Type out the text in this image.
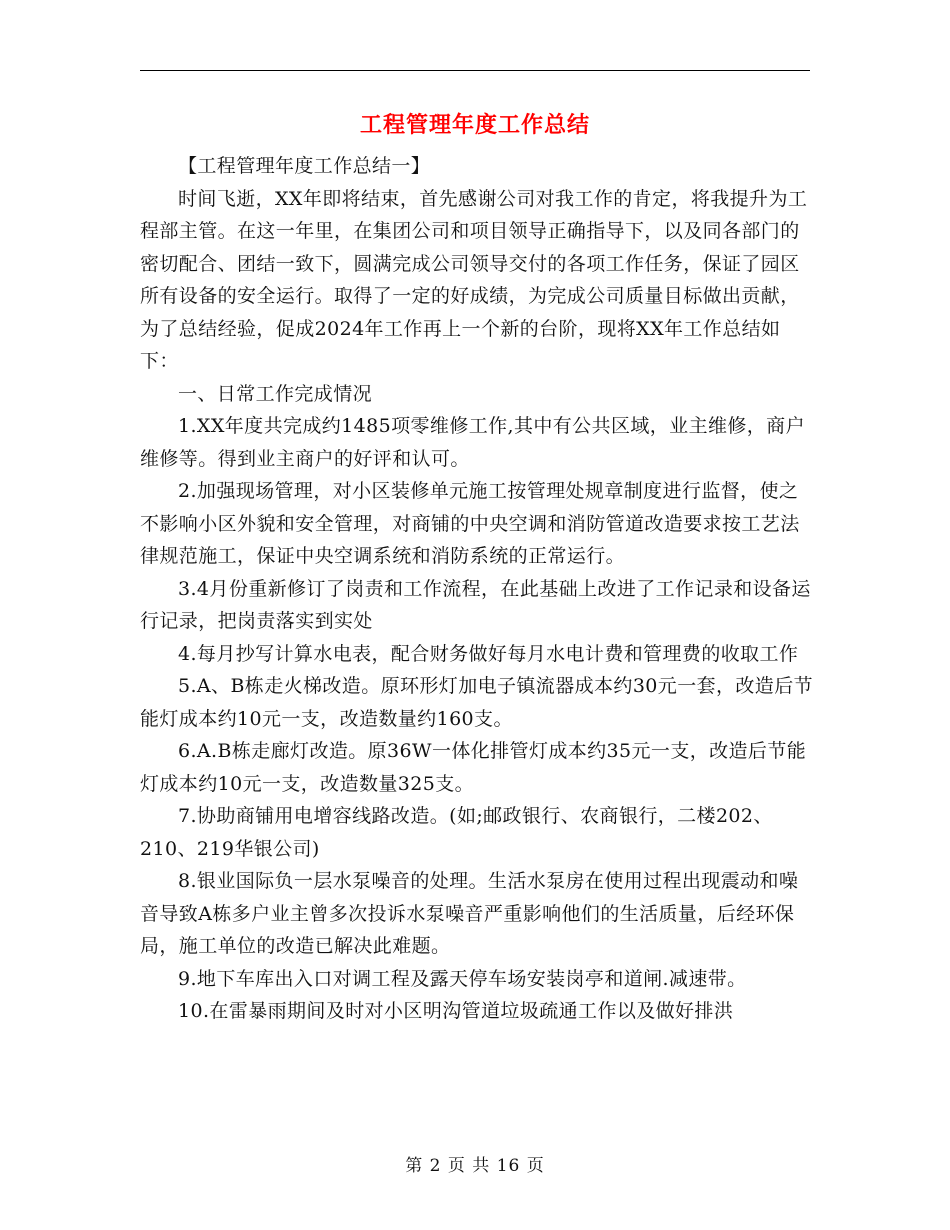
工程管理年度工作总结

【工程管理年度工作总结一】

时间飞逝，XX年即将结束，首先感谢公司对我工作的肯定，将我提升为工程部主管。在这一年里，在集团公司和项目领导正确指导下，以及同各部门的密切配合、团结一致下，圆满完成公司领导交付的各项工作任务，保证了园区所有设备的安全运行。取得了一定的好成绩，为完成公司质量目标做出贡献，为了总结经验，促成2024年工作再上一个新的台阶，现将XX年工作总结如下：

一、日常工作完成情况

1.XX年度共完成约1485项零维修工作,其中有公共区域，业主维修，商户维修等。得到业主商户的好评和认可。

2.加强现场管理，对小区装修单元施工按管理处规章制度进行监督，使之不影响小区外貌和安全管理，对商铺的中央空调和消防管道改造要求按工艺法律规范施工，保证中央空调系统和消防系统的正常运行。

3.4月份重新修订了岗责和工作流程，在此基础上改进了工作记录和设备运行记录，把岗责落实到实处

4.每月抄写计算水电表，配合财务做好每月水电计费和管理费的收取工作

5.A、B栋走火梯改造。原环形灯加电子镇流器成本约30元一套，改造后节能灯成本约10元一支，改造数量约160支。

6.A.B栋走廊灯改造。原36W一体化排管灯成本约35元一支，改造后节能灯成本约10元一支，改造数量325支。

7.协助商铺用电增容线路改造。(如;邮政银行、农商银行，二楼202、210、219华银公司)

8.银业国际负一层水泵噪音的处理。生活水泵房在使用过程出现震动和噪音导致A栋多户业主曾多次投诉水泵噪音严重影响他们的生活质量，后经环保局，施工单位的改造已解决此难题。

9.地下车库出入口对调工程及露天停车场安装岗亭和道闸.减速带。

10.在雷暴雨期间及时对小区明沟管道垃圾疏通工作以及做好排洪

第 2 页 共 16 页
